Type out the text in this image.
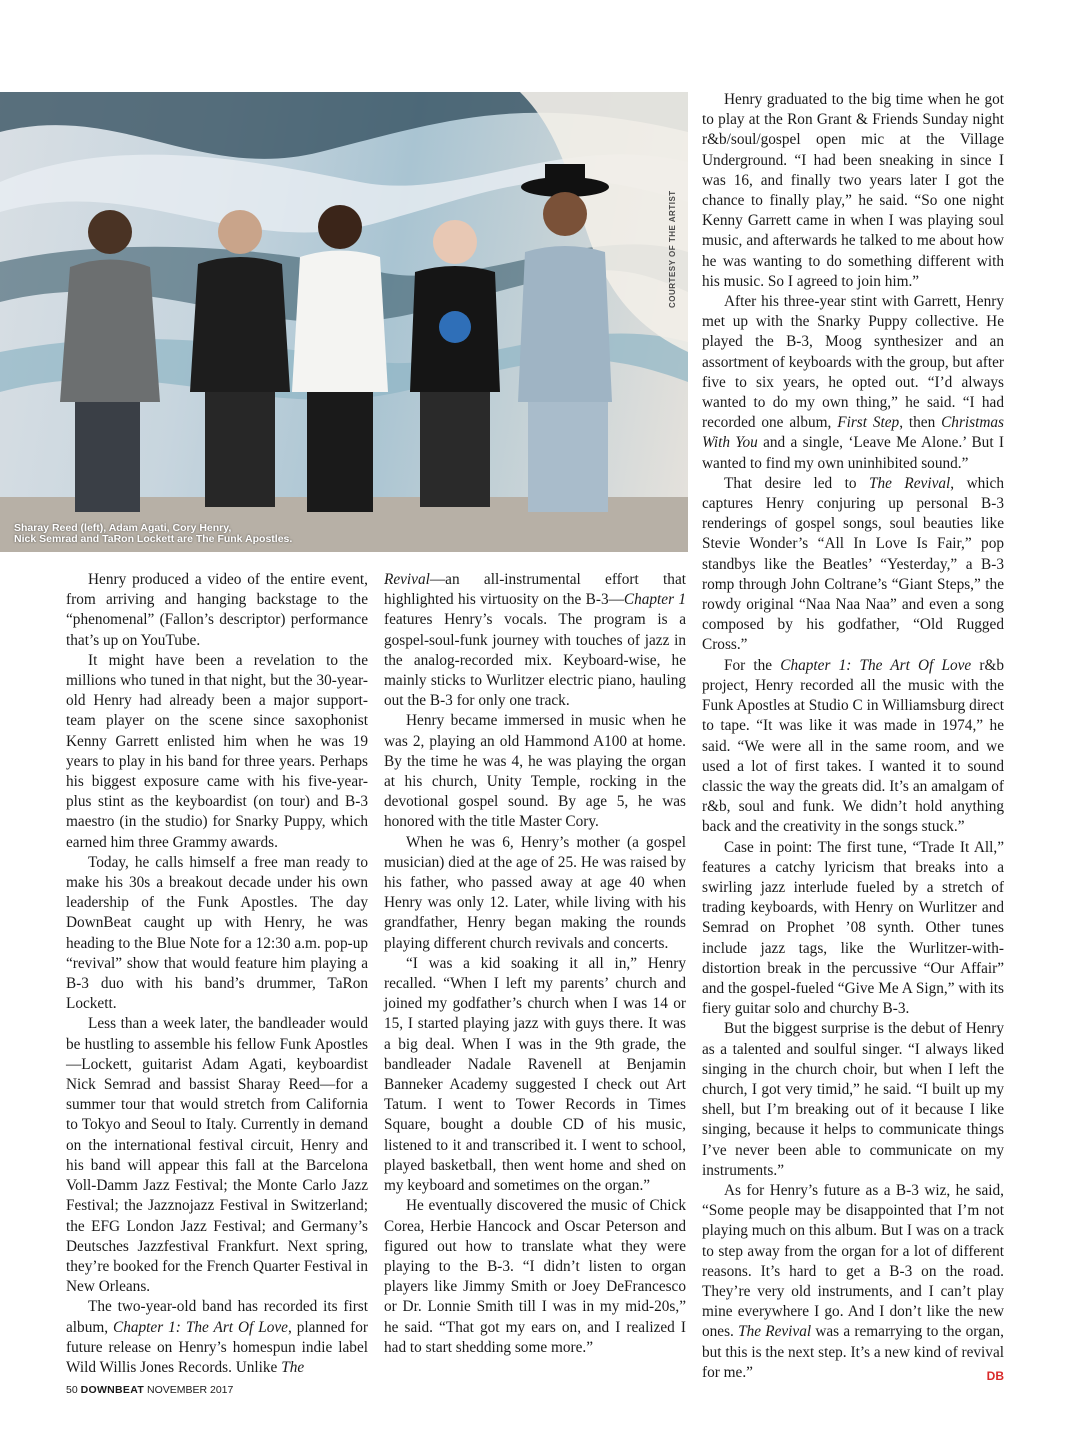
COURTESY OF THE ARTIST
Sharay Reed (left), Adam Agati, Cory Henry,
Nick Semrad and TaRon Lockett are The Funk Apostles.

Henry produced a video of the entire event, from arriving and hanging backstage to the “phenomenal” (Fallon’s descriptor) performance that’s up on YouTube.

It might have been a revelation to the millions who tuned in that night, but the 30-year-old Henry had already been a major support-team player on the scene since saxophonist Kenny Garrett enlisted him when he was 19 years to play in his band for three years. Perhaps his biggest exposure came with his five-year-plus stint as the keyboardist (on tour) and B-3 maestro (in the studio) for Snarky Puppy, which earned him three Grammy awards.

Today, he calls himself a free man ready to make his 30s a breakout decade under his own leadership of the Funk Apostles. The day DownBeat caught up with Henry, he was heading to the Blue Note for a 12:30 a.m. pop-up “revival” show that would feature him playing a B-3 duo with his band’s drummer, TaRon Lockett.

Less than a week later, the bandleader would be hustling to assemble his fellow Funk Apostles—Lockett, guitarist Adam Agati, keyboardist Nick Semrad and bassist Sharay Reed—for a summer tour that would stretch from California to Tokyo and Seoul to Italy. Currently in demand on the international festival circuit, Henry and his band will appear this fall at the Barcelona Voll-Damm Jazz Festival; the Monte Carlo Jazz Festival; the Jazznojazz Festival in Switzerland; the EFG London Jazz Festival; and Germany’s Deutsches Jazzfestival Frankfurt. Next spring, they’re booked for the French Quarter Festival in New Orleans.

The two-year-old band has recorded its first album, Chapter 1: The Art Of Love, planned for future release on Henry’s homespun indie label Wild Willis Jones Records. Unlike The

Revival—an all-instrumental effort that highlighted his virtuosity on the B-3—Chapter 1 features Henry’s vocals. The program is a gospel-soul-funk journey with touches of jazz in the analog-recorded mix. Keyboard-wise, he mainly sticks to Wurlitzer electric piano, hauling out the B-3 for only one track.

Henry became immersed in music when he was 2, playing an old Hammond A100 at home. By the time he was 4, he was playing the organ at his church, Unity Temple, rocking in the devotional gospel sound. By age 5, he was honored with the title Master Cory.

When he was 6, Henry’s mother (a gospel musician) died at the age of 25. He was raised by his father, who passed away at age 40 when Henry was only 12. Later, while living with his grandfather, Henry began making the rounds playing different church revivals and concerts.

“I was a kid soaking it all in,” Henry recalled. “When I left my parents’ church and joined my godfather’s church when I was 14 or 15, I started playing jazz with guys there. It was a big deal. When I was in the 9th grade, the bandleader Nadale Ravenell at Benjamin Banneker Academy suggested I check out Art Tatum. I went to Tower Records in Times Square, bought a double CD of his music, listened to it and transcribed it. I went to school, played basketball, then went home and shed on my keyboard and sometimes on the organ.”

He eventually discovered the music of Chick Corea, Herbie Hancock and Oscar Peterson and figured out how to translate what they were playing to the B-3. “I didn’t listen to organ players like Jimmy Smith or Joey DeFrancesco or Dr. Lonnie Smith till I was in my mid-20s,” he said. “That got my ears on, and I realized I had to start shedding some more.”

Henry graduated to the big time when he got to play at the Ron Grant & Friends Sunday night r&b/soul/gospel open mic at the Village Underground. “I had been sneaking in since I was 16, and finally two years later I got the chance to finally play,” he said. “So one night Kenny Garrett came in when I was playing soul music, and afterwards he talked to me about how he was wanting to do something different with his music. So I agreed to join him.”

After his three-year stint with Garrett, Henry met up with the Snarky Puppy collective. He played the B-3, Moog synthesizer and an assortment of keyboards with the group, but after five to six years, he opted out. “I’d always wanted to do my own thing,” he said. “I had recorded one album, First Step, then Christmas With You and a single, ‘Leave Me Alone.’ But I wanted to find my own uninhibited sound.”

That desire led to The Revival, which captures Henry conjuring up personal B-3 renderings of gospel songs, soul beauties like Stevie Wonder’s “All In Love Is Fair,” pop standbys like the Beatles’ “Yesterday,” a B-3 romp through John Coltrane’s “Giant Steps,” the rowdy original “Naa Naa Naa” and even a song composed by his godfather, “Old Rugged Cross.”

For the Chapter 1: The Art Of Love r&b project, Henry recorded all the music with the Funk Apostles at Studio C in Williamsburg direct to tape. “It was like it was made in 1974,” he said. “We were all in the same room, and we used a lot of first takes. I wanted it to sound classic the way the greats did. It’s an amalgam of r&b, soul and funk. We didn’t hold anything back and the creativity in the songs stuck.”

Case in point: The first tune, “Trade It All,” features a catchy lyricism that breaks into a swirling jazz interlude fueled by a stretch of trading keyboards, with Henry on Wurlitzer and Semrad on Prophet ’08 synth. Other tunes include jazz tags, like the Wurlitzer-with-distortion break in the percussive “Our Affair” and the gospel-fueled “Give Me A Sign,” with its fiery guitar solo and churchy B-3.

But the biggest surprise is the debut of Henry as a talented and soulful singer. “I always liked singing in the church choir, but when I left the church, I got very timid,” he said. “I built up my shell, but I’m breaking out of it because I like singing, because it helps to communicate things I’ve never been able to communicate on my instruments.”

As for Henry’s future as a B-3 wiz, he said, “Some people may be disappointed that I’m not playing much on this album. But I was on a track to step away from the organ for a lot of different reasons. It’s hard to get a B-3 on the road. They’re very old instruments, and I can’t play mine everywhere I go. And I don’t like the new ones. The Revival was a remarrying to the organ, but this is the next step. It’s a new kind of revival for me.”	DB

50 DOWNBEAT NOVEMBER 2017
